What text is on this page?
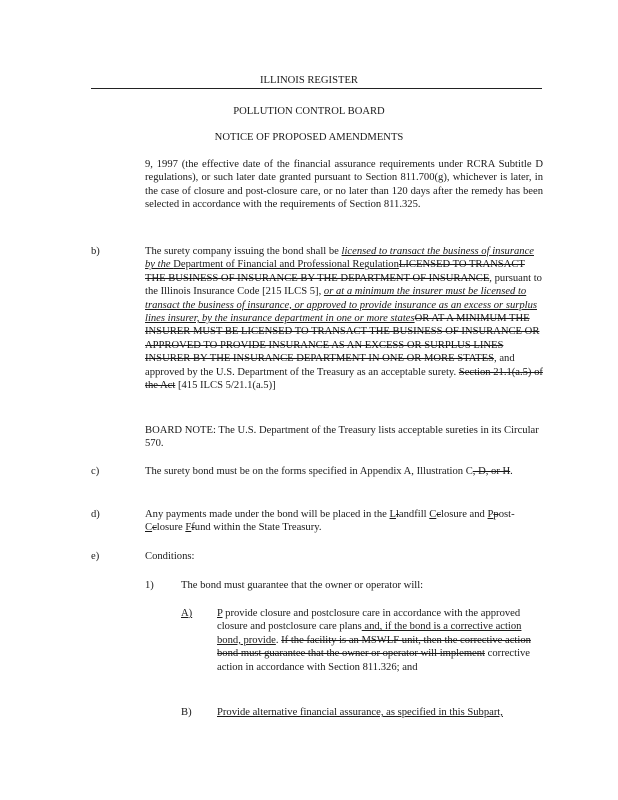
ILLINOIS REGISTER
POLLUTION CONTROL BOARD
NOTICE OF PROPOSED AMENDMENTS
9, 1997 (the effective date of the financial assurance requirements under RCRA Subtitle D regulations), or such later date granted pursuant to Section 811.700(g), whichever is later, in the case of closure and post-closure care, or no later than 120 days after the remedy has been selected in accordance with the requirements of Section 811.325.
b)	The surety company issuing the bond shall be licensed to transact the business of insurance by the Department of Financial and Professional RegulationLICENSED TO TRANSACT THE BUSINESS OF INSURANCE BY THE DEPARTMENT OF INSURANCE, pursuant to the Illinois Insurance Code [215 ILCS 5], or at a minimum the insurer must be licensed to transact the business of insurance, or approved to provide insurance as an excess or surplus lines insurer, by the insurance department in one or more statesOR AT A MINIMUM THE INSURER MUST BE LICENSED TO TRANSACT THE BUSINESS OF INSURANCE OR APPROVED TO PROVIDE INSURANCE AS AN EXCESS OR SURPLUS LINES INSURER BY THE INSURANCE DEPARTMENT IN ONE OR MORE STATES, and approved by the U.S. Department of the Treasury as an acceptable surety. Section 21.1(a.5) of the Act [415 ILCS 5/21.1(a.5)]
BOARD NOTE: The U.S. Department of the Treasury lists acceptable sureties in its Circular 570.
c)	The surety bond must be on the forms specified in Appendix A, Illustration C, D, or H.
d)	Any payments made under the bond will be placed in the Llandfill Cclosure and Ppost-Cclosure Ffund within the State Treasury.
e)	Conditions:
1)	The bond must guarantee that the owner or operator will:
A) P provide closure and postclosure care in accordance with the approved closure and postclosure care plans and, if the bond is a corrective action bond, provide. If the facility is an MSWLF unit, then the corrective action bond must guarantee that the owner or operator will implement corrective action in accordance with Section 811.326; and
B) Provide alternative financial assurance, as specified in this Subpart,
